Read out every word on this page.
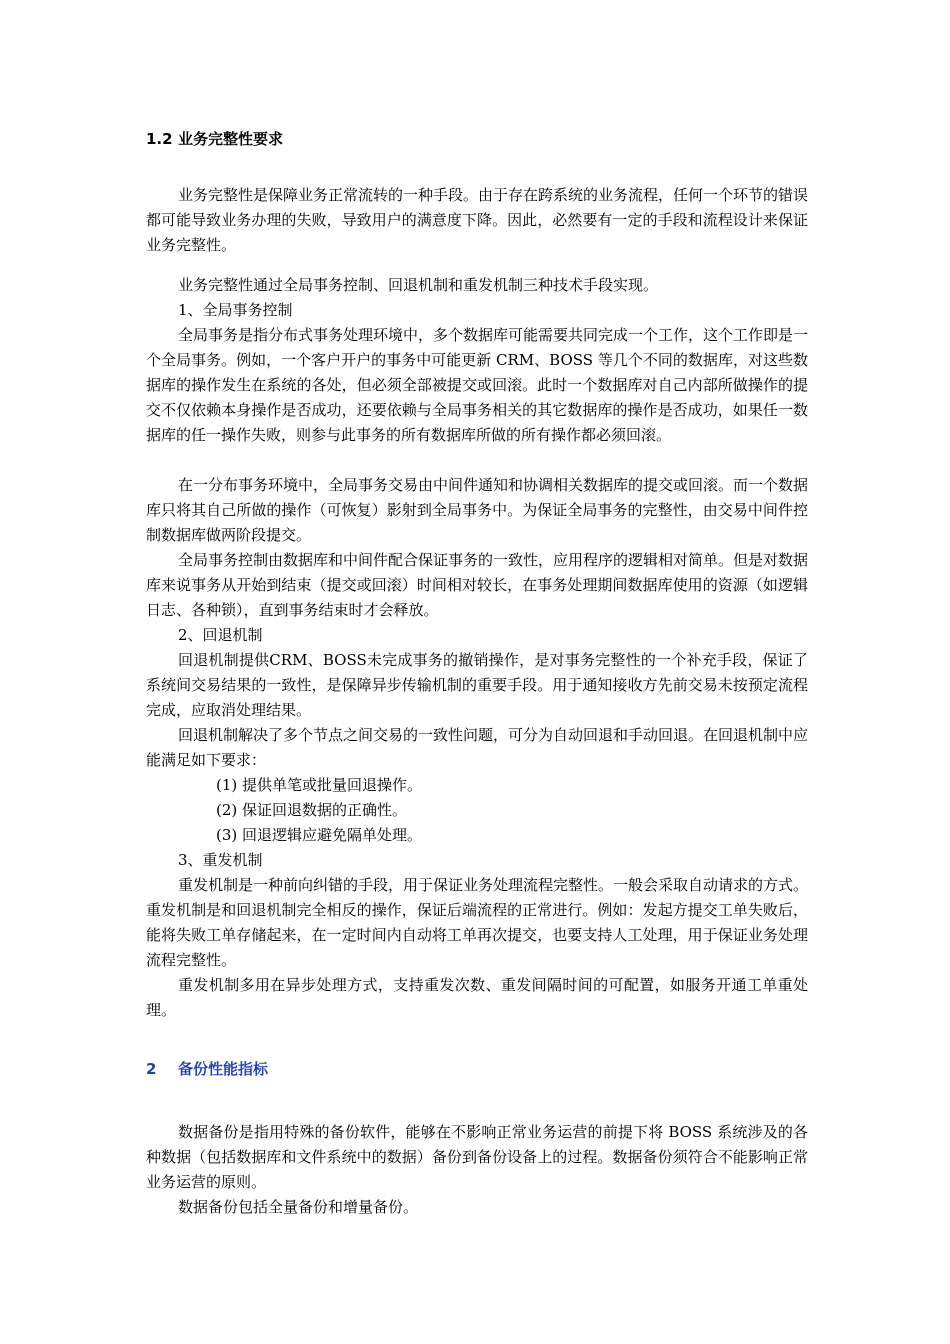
1.2 业务完整性要求

业务完整性是保障业务正常流转的一种手段。由于存在跨系统的业务流程，任何一个环节的错误都可能导致业务办理的失败，导致用户的满意度下降。因此，必然要有一定的手段和流程设计来保证业务完整性。

业务完整性通过全局事务控制、回退机制和重发机制三种技术手段实现。

1、全局事务控制

全局事务是指分布式事务处理环境中，多个数据库可能需要共同完成一个工作，这个工作即是一个全局事务。例如，一个客户开户的事务中可能更新 CRM、BOSS 等几个不同的数据库，对这些数据库的操作发生在系统的各处，但必须全部被提交或回滚。此时一个数据库对自己内部所做操作的提交不仅依赖本身操作是否成功，还要依赖与全局事务相关的其它数据库的操作是否成功，如果任一数据库的任一操作失败，则参与此事务的所有数据库所做的所有操作都必须回滚。

在一分布事务环境中，全局事务交易由中间件通知和协调相关数据库的提交或回滚。而一个数据库只将其自己所做的操作（可恢复）影射到全局事务中。为保证全局事务的完整性，由交易中间件控制数据库做两阶段提交。

全局事务控制由数据库和中间件配合保证事务的一致性，应用程序的逻辑相对简单。但是对数据库来说事务从开始到结束（提交或回滚）时间相对较长，在事务处理期间数据库使用的资源（如逻辑日志、各种锁），直到事务结束时才会释放。

2、回退机制

回退机制提供CRM、BOSS未完成事务的撤销操作，是对事务完整性的一个补充手段，保证了系统间交易结果的一致性，是保障异步传输机制的重要手段。用于通知接收方先前交易未按预定流程完成，应取消处理结果。

回退机制解决了多个节点之间交易的一致性问题，可分为自动回退和手动回退。在回退机制中应能满足如下要求：

(1) 提供单笔或批量回退操作。

(2) 保证回退数据的正确性。

(3) 回退逻辑应避免隔单处理。

3、重发机制

重发机制是一种前向纠错的手段，用于保证业务处理流程完整性。一般会采取自动请求的方式。重发机制是和回退机制完全相反的操作，保证后端流程的正常进行。例如：发起方提交工单失败后，能将失败工单存储起来，在一定时间内自动将工单再次提交，也要支持人工处理，用于保证业务处理流程完整性。

重发机制多用在异步处理方式，支持重发次数、重发间隔时间的可配置，如服务开通工单重处理。

2 备份性能指标

数据备份是指用特殊的备份软件，能够在不影响正常业务运营的前提下将 BOSS 系统涉及的各种数据（包括数据库和文件系统中的数据）备份到备份设备上的过程。数据备份须符合不能影响正常业务运营的原则。

数据备份包括全量备份和增量备份。
